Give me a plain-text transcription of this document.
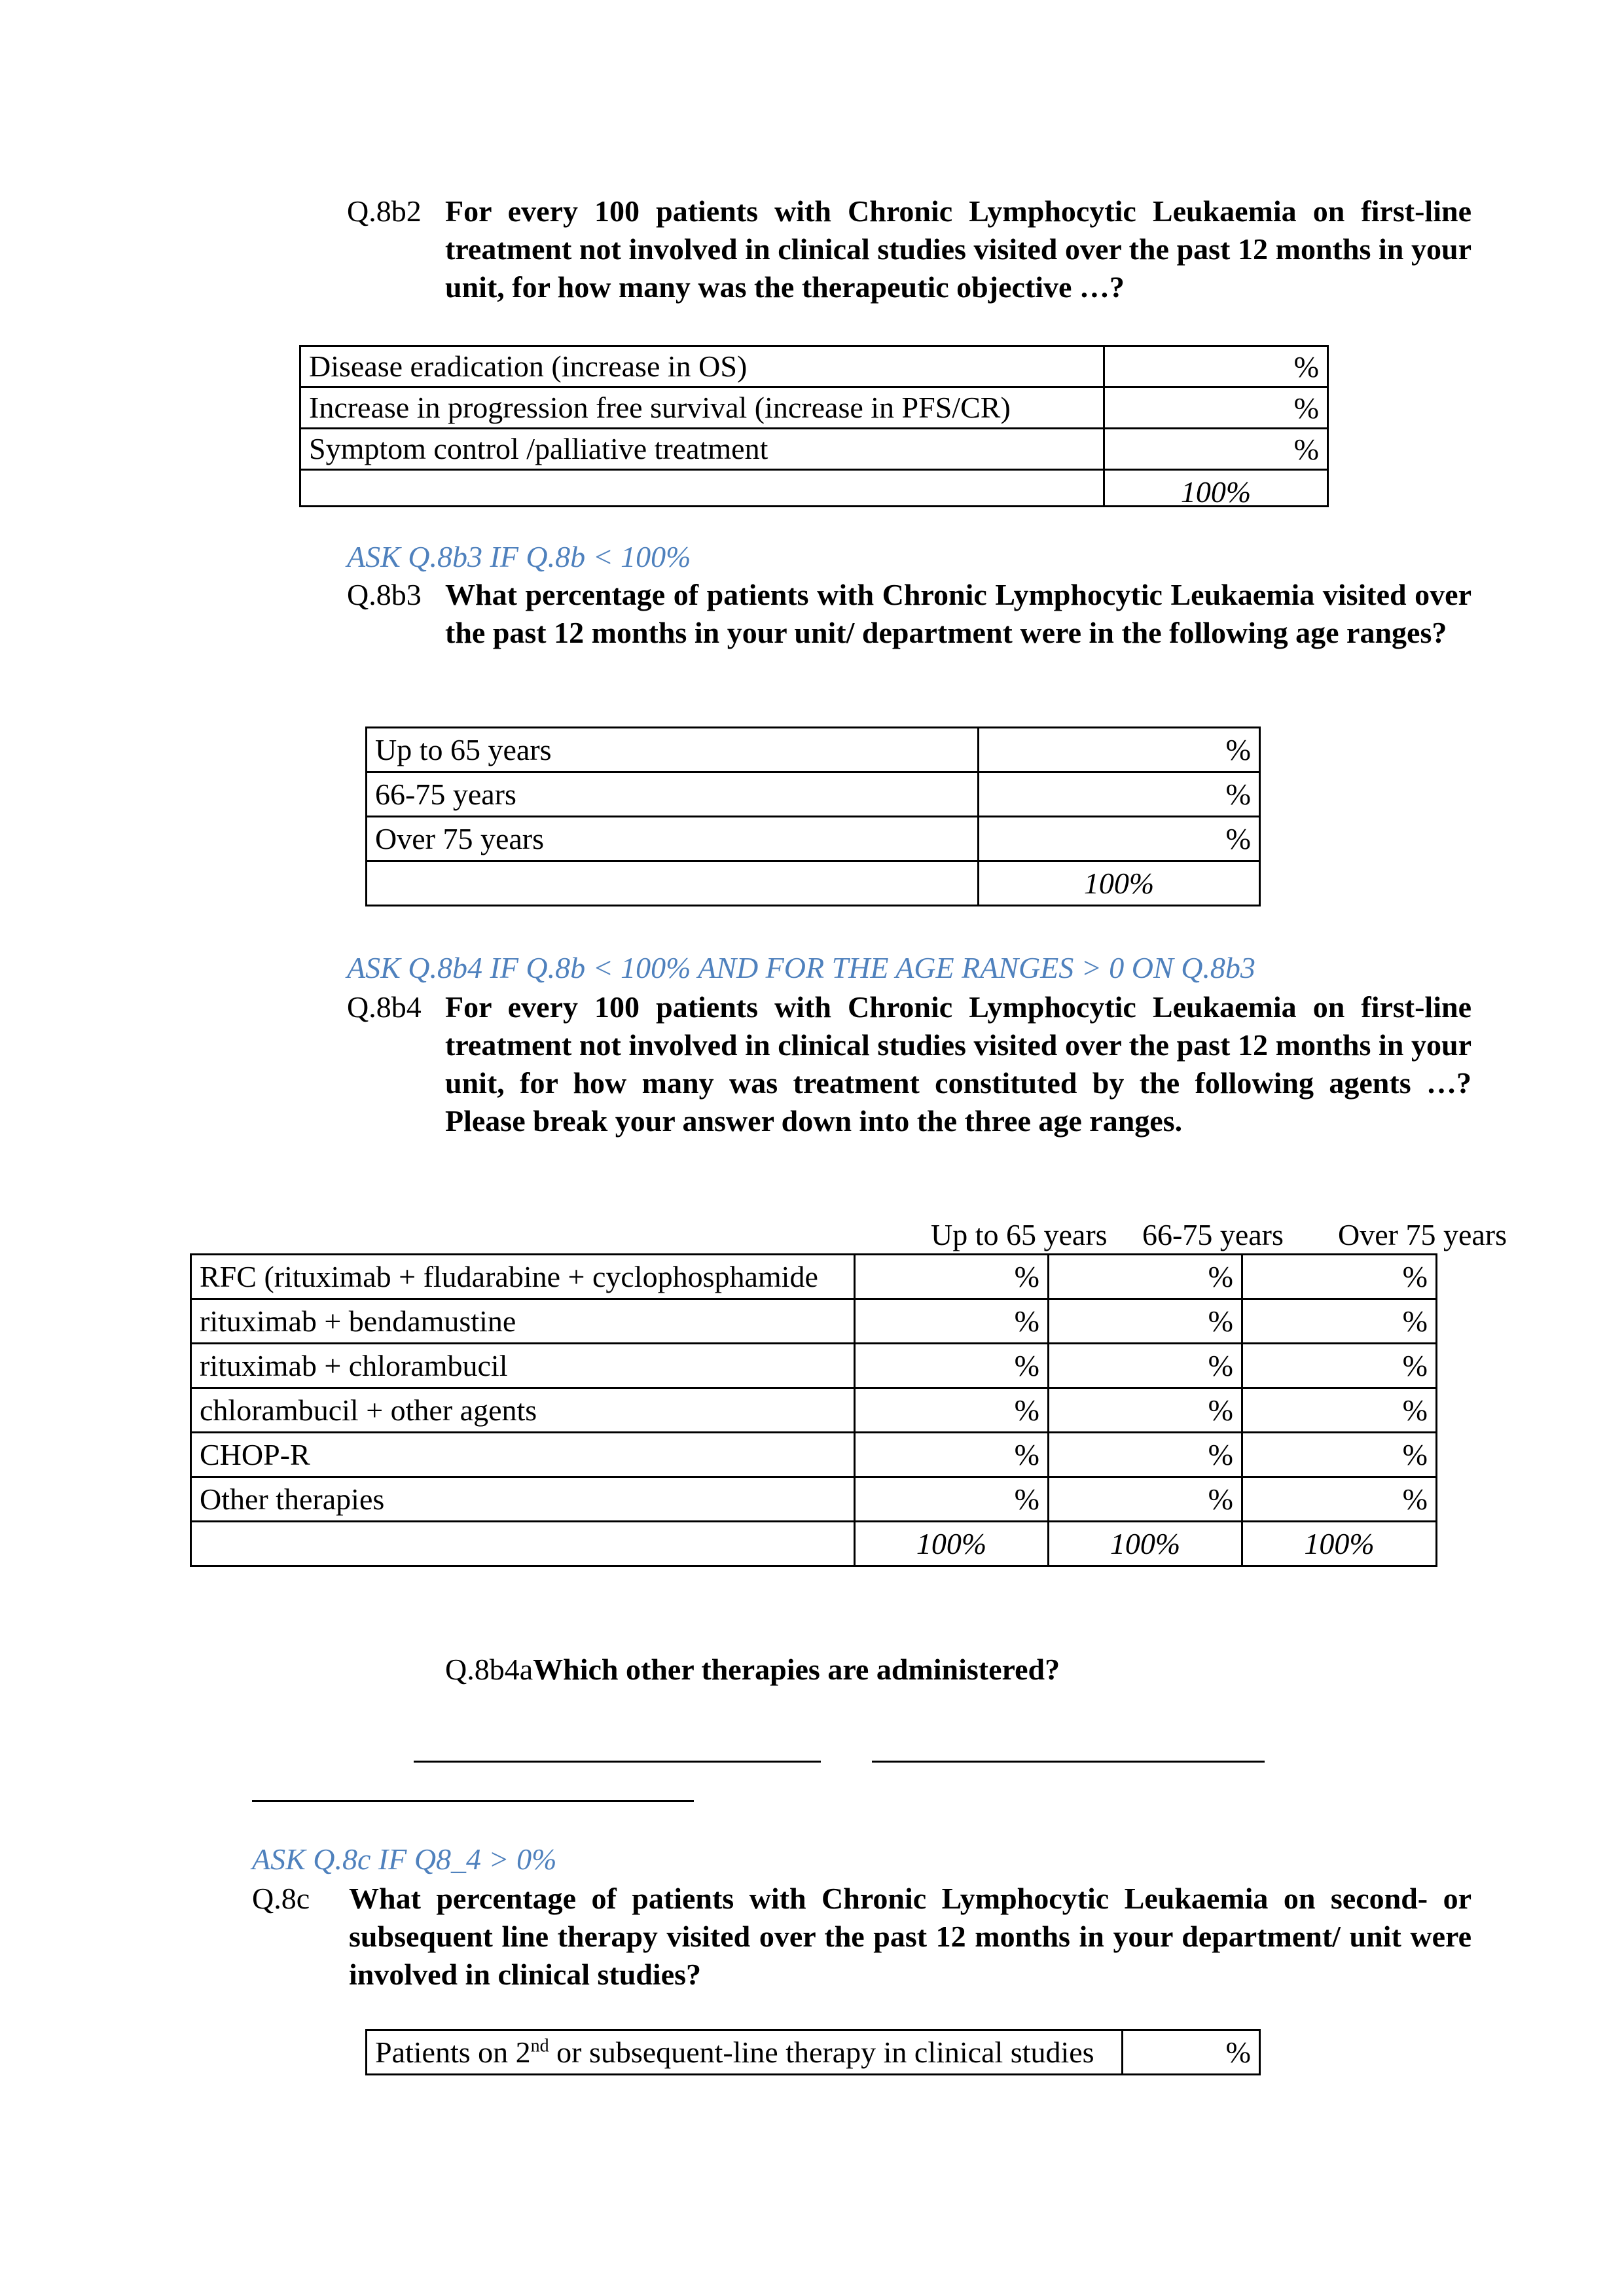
Q.8b2 For every 100 patients with Chronic Lymphocytic Leukaemia on first-line treatment not involved in clinical studies visited over the past 12 months in your unit, for how many was the therapeutic objective …?
Disease eradication (increase in OS)	%
Increase in progression free survival (increase in PFS/CR)	%
Symptom control /palliative treatment	%
	100%
ASK Q.8b3 IF Q.8b < 100%
Q.8b3 What percentage of patients with Chronic Lymphocytic Leukaemia visited over the past 12 months in your unit/ department were in the following age ranges?
Up to 65 years	%
66-75 years	%
Over 75 years	%
	100%
ASK Q.8b4 IF Q.8b < 100% AND FOR THE AGE RANGES > 0 ON Q.8b3
Q.8b4 For every 100 patients with Chronic Lymphocytic Leukaemia on first-line treatment not involved in clinical studies visited over the past 12 months in your unit, for how many was treatment constituted by the following agents …? Please break your answer down into the three age ranges.
Up to 65 years 66-75 years Over 75 years
RFC (rituximab + fludarabine + cyclophosphamide	%	%	%
rituximab + bendamustine	%	%	%
rituximab + chlorambucil	%	%	%
chlorambucil + other agents	%	%	%
CHOP-R	%	%	%
Other therapies	%	%	%
	100%	100%	100%
Q.8b4aWhich other therapies are administered?
ASK Q.8c IF Q8_4 > 0%
Q.8c What percentage of patients with Chronic Lymphocytic Leukaemia on second- or subsequent line therapy visited over the past 12 months in your department/ unit were involved in clinical studies?
Patients on 2nd or subsequent-line therapy in clinical studies	%
